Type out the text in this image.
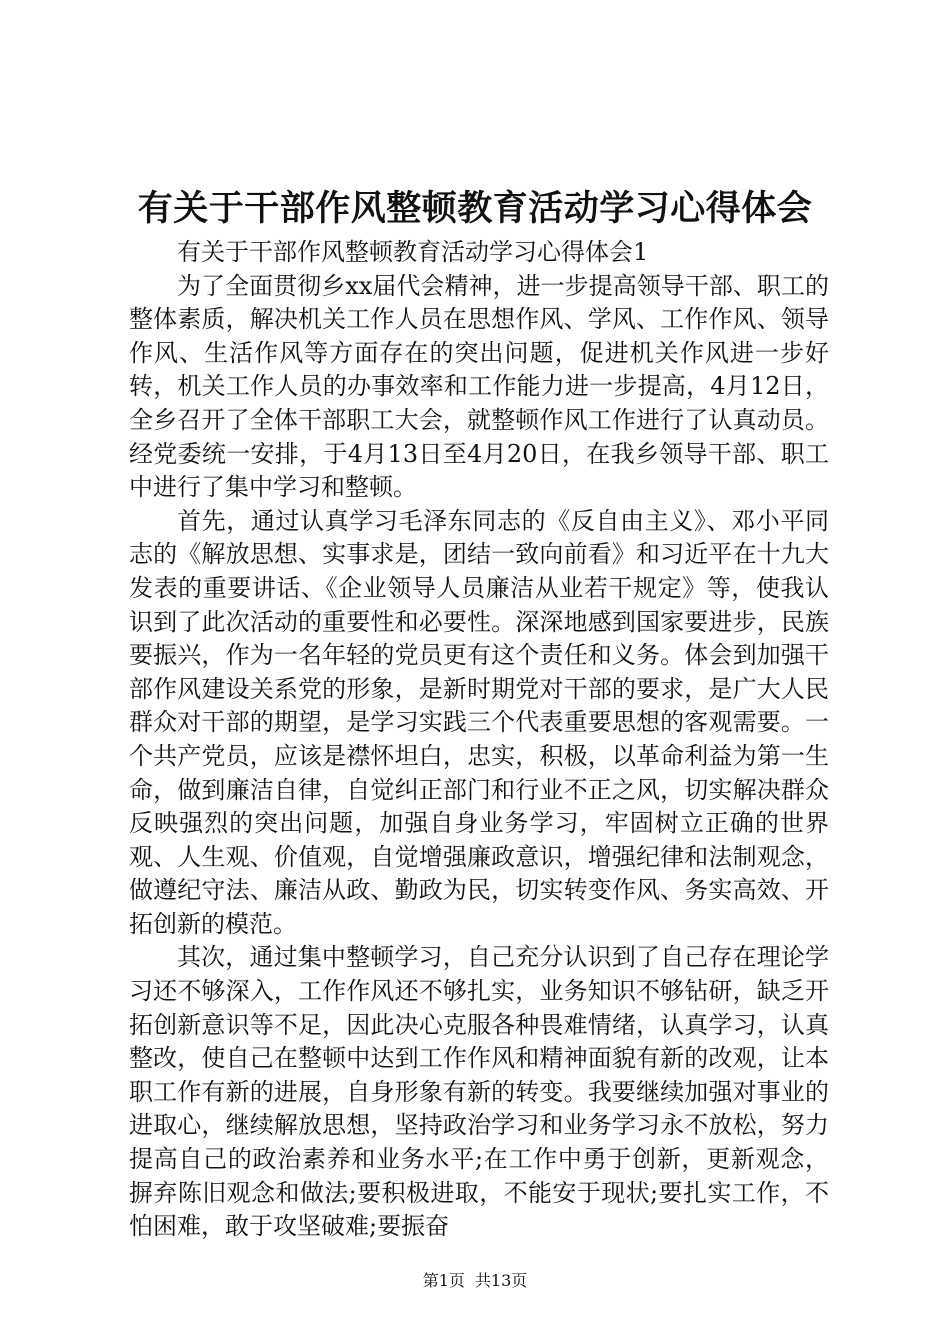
有关于干部作风整顿教育活动学习心得体会

有关于干部作风整顿教育活动学习心得体会1

为了全面贯彻乡xx届代会精神，进一步提高领导干部、职工的整体素质，解决机关工作人员在思想作风、学风、工作作风、领导作风、生活作风等方面存在的突出问题，促进机关作风进一步好转，机关工作人员的办事效率和工作能力进一步提高，4月12日，全乡召开了全体干部职工大会，就整顿作风工作进行了认真动员。经党委统一安排，于4月13日至4月20日，在我乡领导干部、职工中进行了集中学习和整顿。

首先，通过认真学习毛泽东同志的《反自由主义》、邓小平同志的《解放思想、实事求是，团结一致向前看》和习近平在十九大发表的重要讲话、《企业领导人员廉洁从业若干规定》等，使我认识到了此次活动的重要性和必要性。深深地感到国家要进步，民族要振兴，作为一名年轻的党员更有这个责任和义务。体会到加强干部作风建设关系党的形象，是新时期党对干部的要求，是广大人民群众对干部的期望，是学习实践三个代表重要思想的客观需要。一个共产党员，应该是襟怀坦白，忠实，积极，以革命利益为第一生命，做到廉洁自律，自觉纠正部门和行业不正之风，切实解决群众反映强烈的突出问题，加强自身业务学习，牢固树立正确的世界观、人生观、价值观，自觉增强廉政意识，增强纪律和法制观念，做遵纪守法、廉洁从政、勤政为民，切实转变作风、务实高效、开拓创新的模范。

其次，通过集中整顿学习，自己充分认识到了自己存在理论学习还不够深入，工作作风还不够扎实，业务知识不够钻研，缺乏开拓创新意识等不足，因此决心克服各种畏难情绪，认真学习，认真整改，使自己在整顿中达到工作作风和精神面貌有新的改观，让本职工作有新的进展，自身形象有新的转变。我要继续加强对事业的进取心，继续解放思想，坚持政治学习和业务学习永不放松，努力提高自己的政治素养和业务水平;在工作中勇于创新，更新观念，摒弃陈旧观念和做法;要积极进取，不能安于现状;要扎实工作，不怕困难，敢于攻坚破难;要振奋

第1页 共13页
